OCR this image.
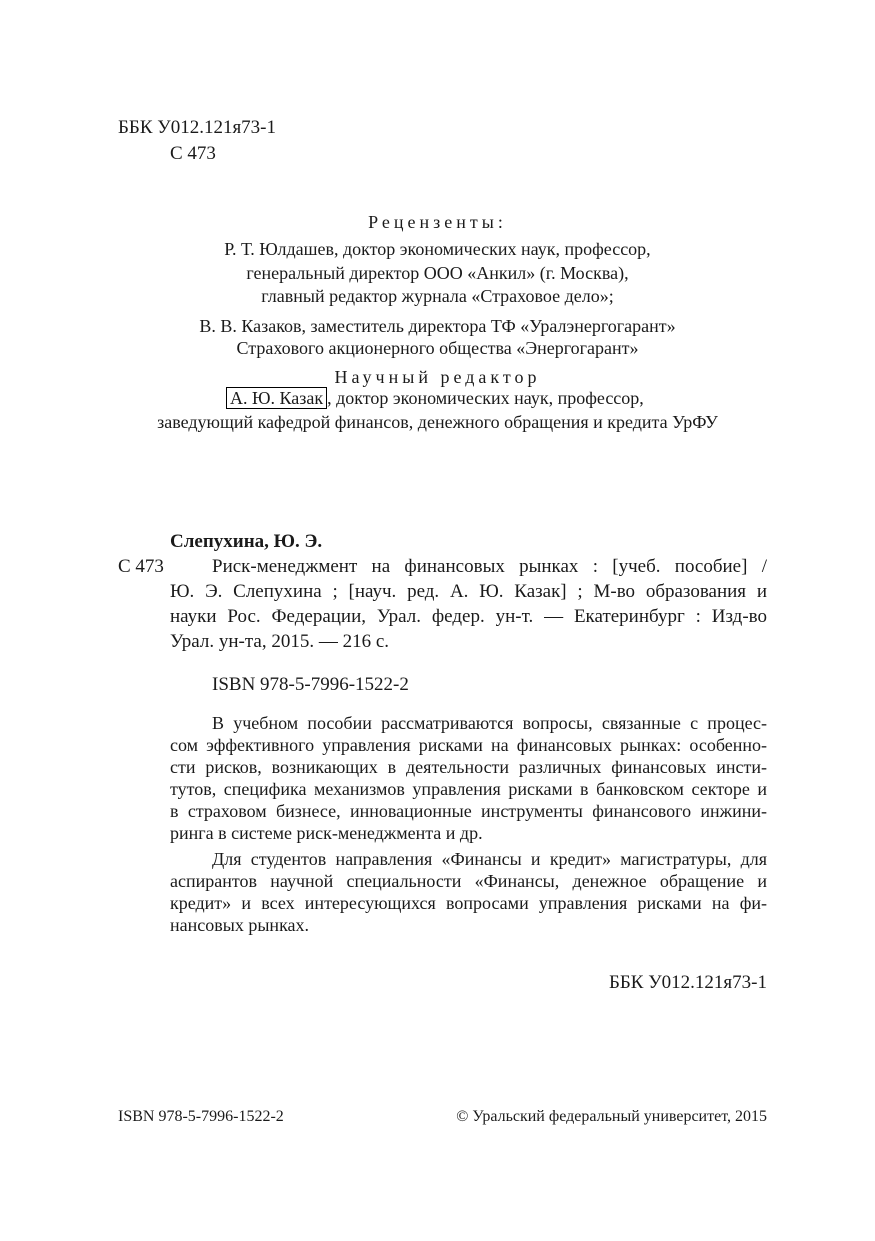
ББК У012.121я73-1
С 473
Рецензенты:
Р. Т. Юлдашев, доктор экономических наук, профессор,
генеральный директор ООО «Анкил» (г. Москва),
главный редактор журнала «Страховое дело»;
В. В. Казаков, заместитель директора ТФ «Уралэнергогарант»
Страхового акционерного общества «Энергогарант»
Научный редактор
А. Ю. Казак , доктор экономических наук, профессор,
заведующий кафедрой финансов, денежного обращения и кредита УрФУ
Слепухина, Ю. Э.
С 473	Риск-менеджмент на финансовых рынках : [учеб. пособие] /
Ю. Э. Слепухина ; [науч. ред. А. Ю. Казак] ; М-во образования и
науки Рос. Федерации, Урал. федер. ун-т. — Екатеринбург : Изд-во
Урал. ун-та, 2015. — 216 с.
ISBN 978-5-7996-1522-2
В учебном пособии рассматриваются вопросы, связанные с процес-
сом эффективного управления рисками на финансовых рынках: особенно-
сти рисков, возникающих в деятельности различных финансовых инсти-
тутов, специфика механизмов управления рисками в банковском секторе и
в страховом бизнесе, инновационные инструменты финансового инжини-
ринга в системе риск-менеджмента и др.
Для студентов направления «Финансы и кредит» магистратуры, для
аспирантов научной специальности «Финансы, денежное обращение и
кредит» и всех интересующихся вопросами управления рисками на фи-
нансовых рынках.
ББК У012.121я73-1
ISBN 978-5-7996-1522-2	© Уральский федеральный университет, 2015
